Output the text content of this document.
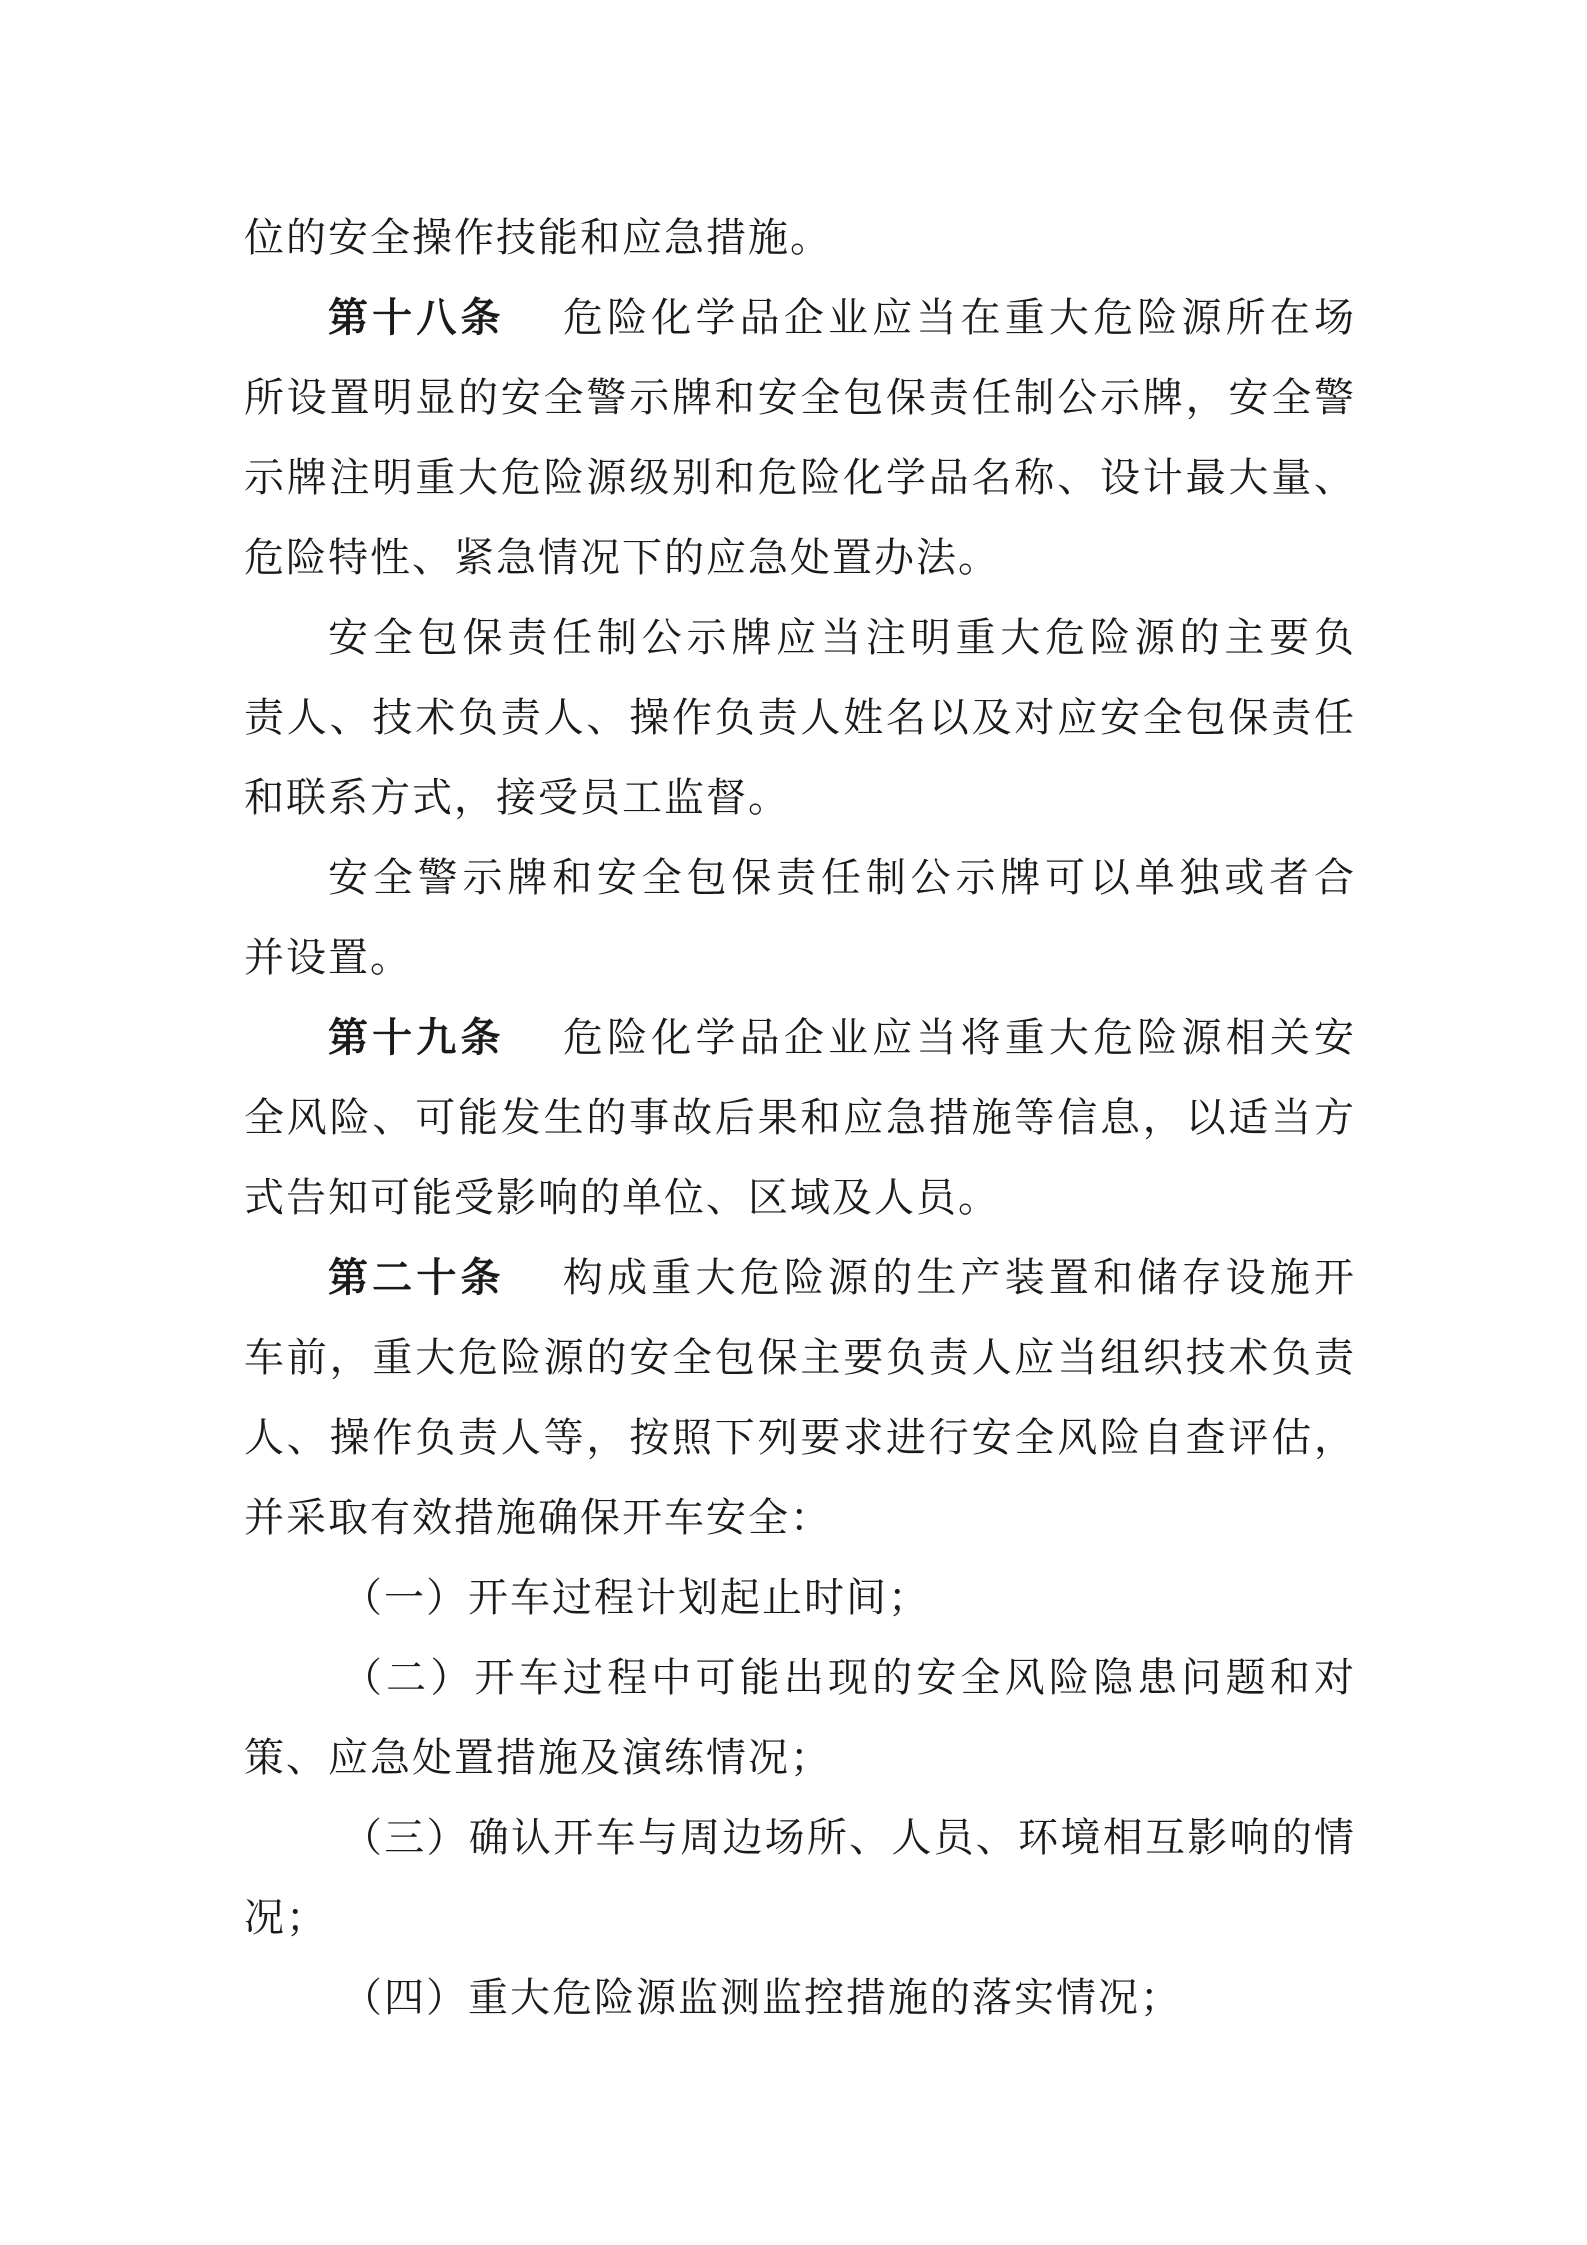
位的安全操作技能和应急措施。
第十八条 危险化学品企业应当在重大危险源所在场
所设置明显的安全警示牌和安全包保责任制公示牌，安全警
示牌注明重大危险源级别和危险化学品名称、设计最大量、
危险特性、紧急情况下的应急处置办法。
安全包保责任制公示牌应当注明重大危险源的主要负
责人、技术负责人、操作负责人姓名以及对应安全包保责任
和联系方式，接受员工监督。
安全警示牌和安全包保责任制公示牌可以单独或者合
并设置。
第十九条 危险化学品企业应当将重大危险源相关安
全风险、可能发生的事故后果和应急措施等信息，以适当方
式告知可能受影响的单位、区域及人员。
第二十条 构成重大危险源的生产装置和储存设施开
车前，重大危险源的安全包保主要负责人应当组织技术负责
人、操作负责人等，按照下列要求进行安全风险自查评估，
并采取有效措施确保开车安全：
（一）开车过程计划起止时间；
（二）开车过程中可能出现的安全风险隐患问题和对
策、应急处置措施及演练情况；
（三）确认开车与周边场所、人员、环境相互影响的情
况；
（四）重大危险源监测监控措施的落实情况；
